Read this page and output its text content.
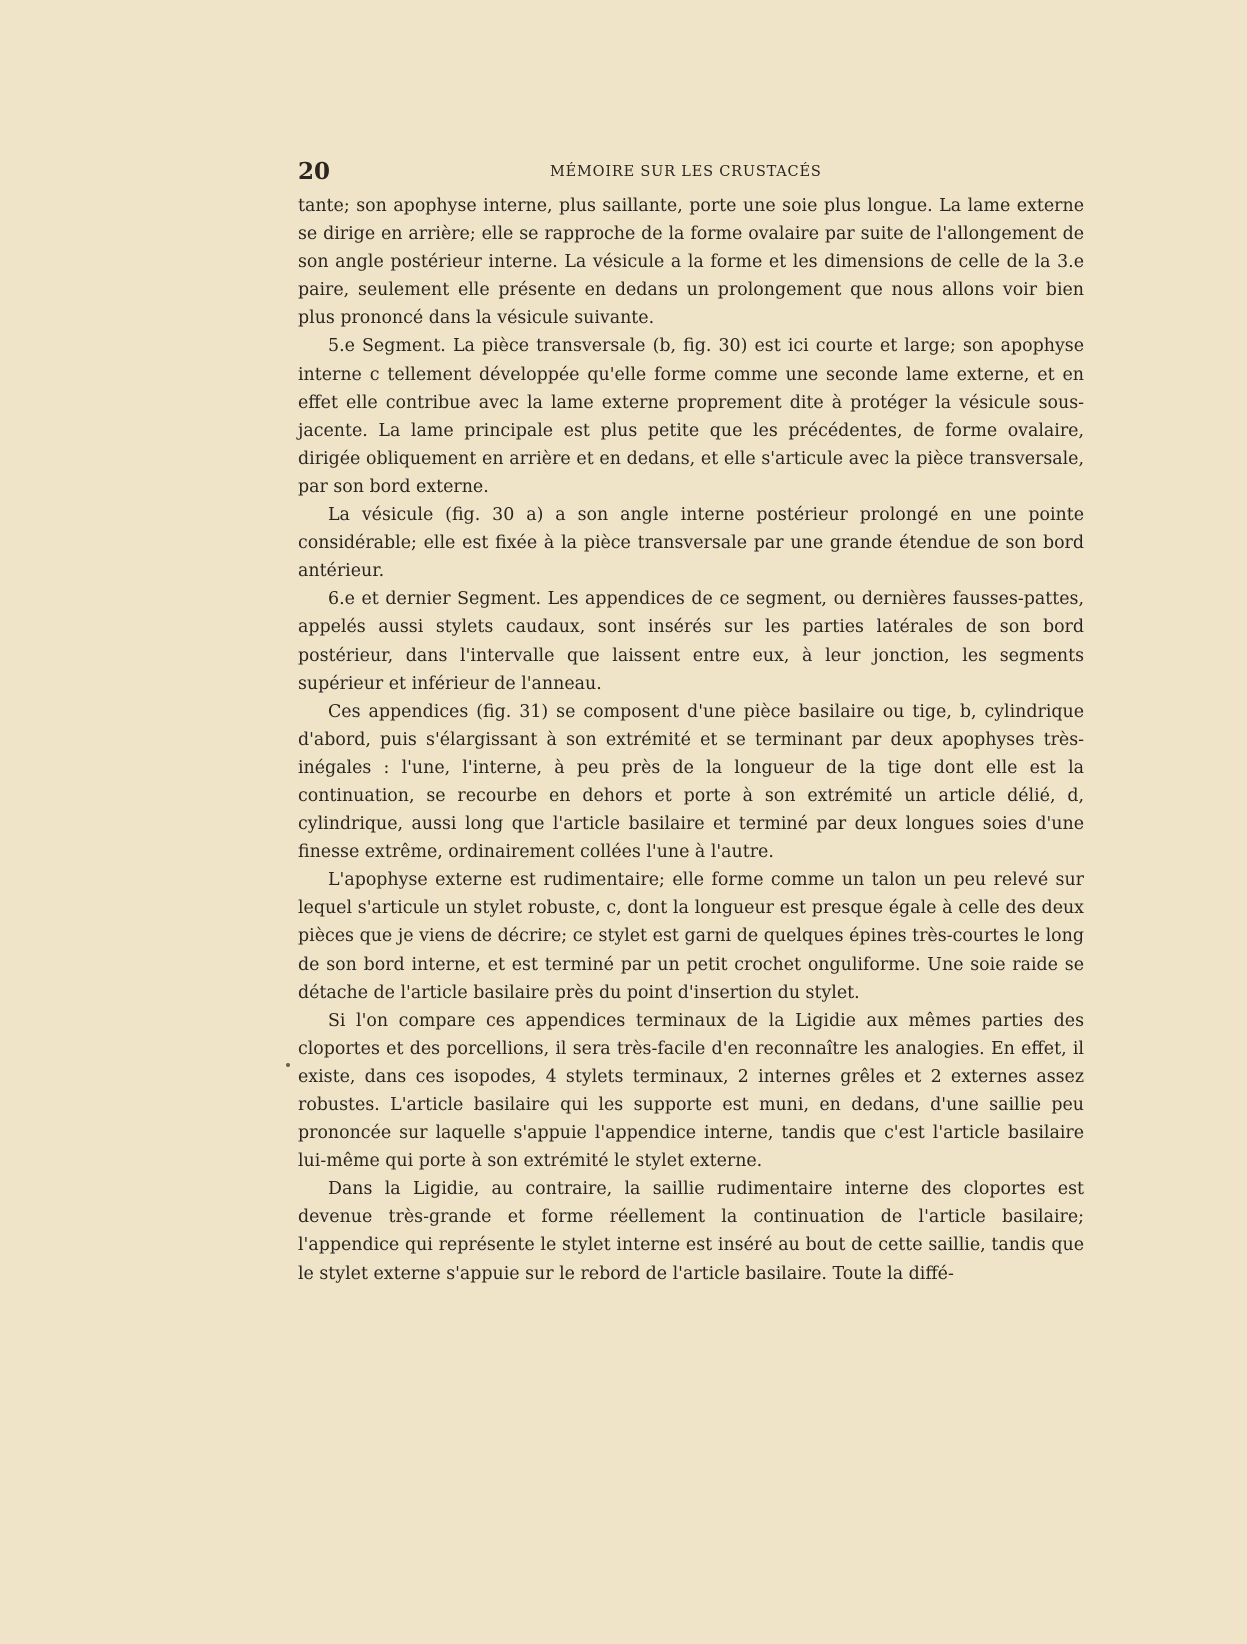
20	MÉMOIRE SUR LES CRUSTACÉS

tante; son apophyse interne, plus saillante, porte une soie plus longue. La lame externe se dirige en arrière; elle se rapproche de la forme ovalaire par suite de l'allongement de son angle postérieur interne. La vésicule a la forme et les dimensions de celle de la 3.e paire, seulement elle présente en dedans un prolongement que nous allons voir bien plus prononcé dans la vésicule suivante.

5.e Segment. La pièce transversale (b, fig. 30) est ici courte et large; son apophyse interne c tellement développée qu'elle forme comme une seconde lame externe, et en effet elle contribue avec la lame externe proprement dite à protéger la vésicule sous-jacente. La lame principale est plus petite que les précédentes, de forme ovalaire, dirigée obliquement en arrière et en dedans, et elle s'articule avec la pièce transversale, par son bord externe.

La vésicule (fig. 30 a) a son angle interne postérieur prolongé en une pointe considérable; elle est fixée à la pièce transversale par une grande étendue de son bord antérieur.

6.e et dernier Segment. Les appendices de ce segment, ou dernières fausses-pattes, appelés aussi stylets caudaux, sont insérés sur les parties latérales de son bord postérieur, dans l'intervalle que laissent entre eux, à leur jonction, les segments supérieur et inférieur de l'anneau.

Ces appendices (fig. 31) se composent d'une pièce basilaire ou tige, b, cylindrique d'abord, puis s'élargissant à son extrémité et se terminant par deux apophyses très-inégales : l'une, l'interne, à peu près de la longueur de la tige dont elle est la continuation, se recourbe en dehors et porte à son extrémité un article délié, d, cylindrique, aussi long que l'article basilaire et terminé par deux longues soies d'une finesse extrême, ordinairement collées l'une à l'autre.

L'apophyse externe est rudimentaire; elle forme comme un talon un peu relevé sur lequel s'articule un stylet robuste, c, dont la longueur est presque égale à celle des deux pièces que je viens de décrire; ce stylet est garni de quelques épines très-courtes le long de son bord interne, et est terminé par un petit crochet onguliforme. Une soie raide se détache de l'article basilaire près du point d'insertion du stylet.

Si l'on compare ces appendices terminaux de la Ligidie aux mêmes parties des cloportes et des porcellions, il sera très-facile d'en reconnaître les analogies. En effet, il existe, dans ces isopodes, 4 stylets terminaux, 2 internes grêles et 2 externes assez robustes. L'article basilaire qui les supporte est muni, en dedans, d'une saillie peu prononcée sur laquelle s'appuie l'appendice interne, tandis que c'est l'article basilaire lui-même qui porte à son extrémité le stylet externe.

Dans la Ligidie, au contraire, la saillie rudimentaire interne des cloportes est devenue très-grande et forme réellement la continuation de l'article basilaire; l'appendice qui représente le stylet interne est inséré au bout de cette saillie, tandis que le stylet externe s'appuie sur le rebord de l'article basilaire. Toute la diffé-
